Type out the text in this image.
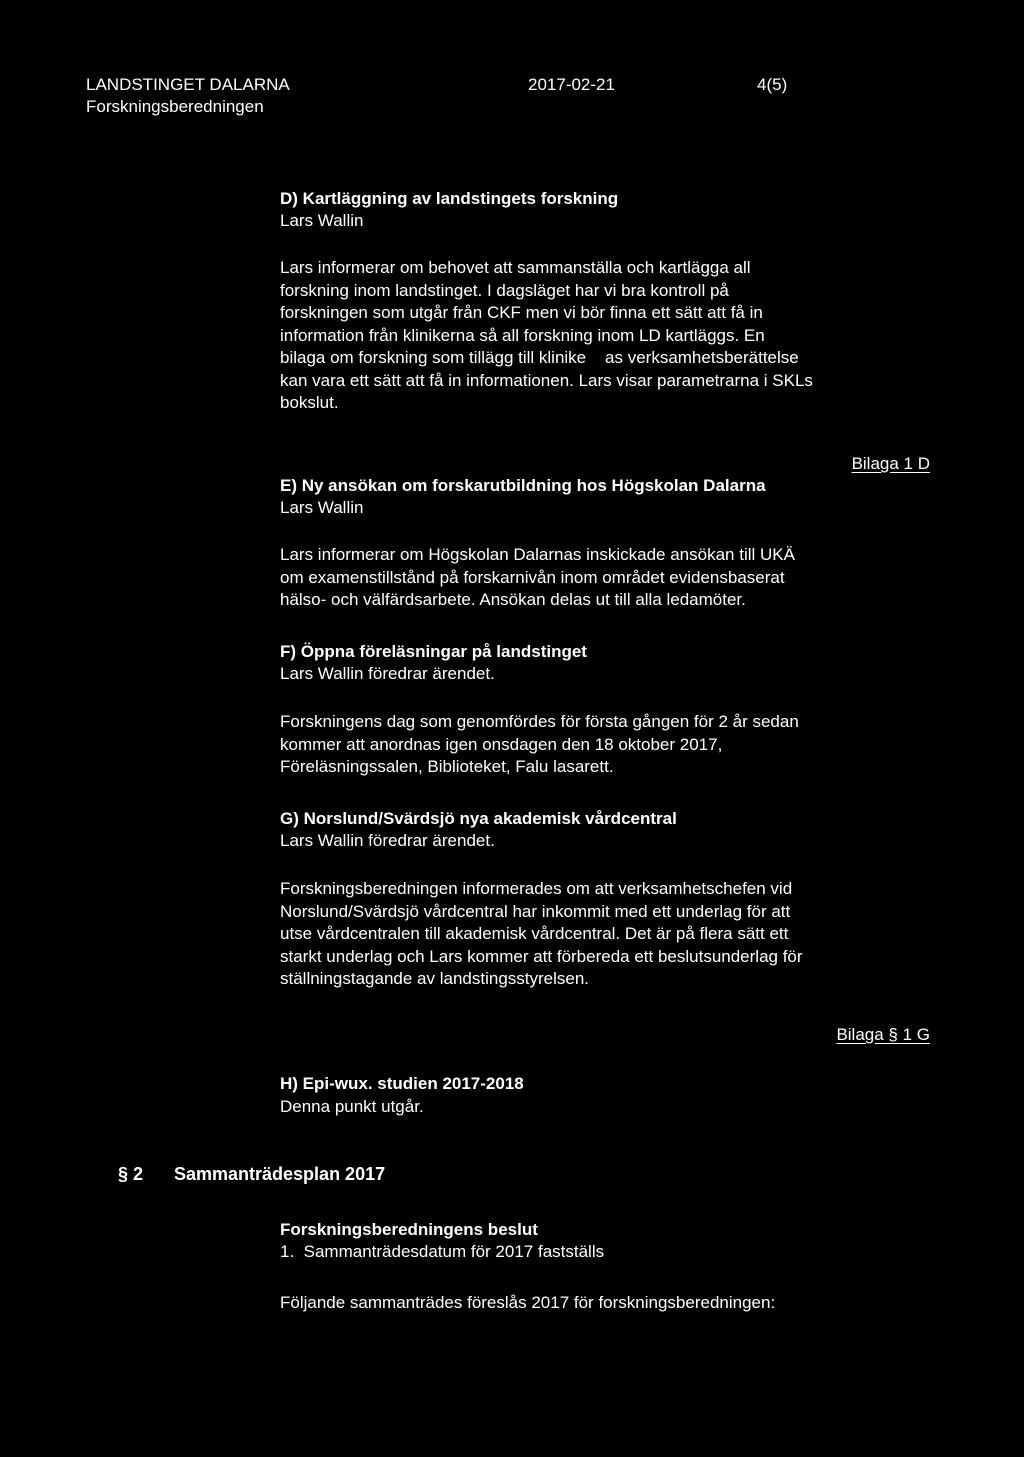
LANDSTINGET DALARNA
Forskningsberedningen
2017-02-21	4(5)
D) Kartläggning av landstingets forskning
Lars Wallin
Lars informerar om behovet att sammanställa och kartlägga all
forskning inom landstinget. I dagsläget har vi bra kontroll på
forskningen som utgår från CKF men vi bör finna ett sätt att få in
information från klinikerna så all forskning inom LD kartläggs. En
bilaga om forskning som tillägg till klinike    as verksamhetsberättelse
kan vara ett sätt att få in informationen. Lars visar parametrarna i SKLs
bokslut.
Bilaga 1 D
E) Ny ansökan om forskarutbildning hos Högskolan Dalarna
Lars Wallin
Lars informerar om Högskolan Dalarnas inskickade ansökan till UKÄ
om examenstillstånd på forskarnivån inom området evidensbaserat
hälso- och välfärdsarbete. Ansökan delas ut till alla ledamöter.
F) Öppna föreläsningar på landstinget
Lars Wallin föredrar ärendet.
Forskningens dag som genomfördes för första gången för 2 år sedan
kommer att anordnas igen onsdagen den 18 oktober 2017,
Föreläsningssalen, Biblioteket, Falu lasarett.
G) Norslund/Svärdsjö nya akademisk vårdcentral
Lars Wallin föredrar ärendet.
Forskningsberedningen informerades om att verksamhetschefen vid
Norslund/Svärdsjö vårdcentral har inkommit med ett underlag för att
utse vårdcentralen till akademisk vårdcentral. Det är på flera sätt ett
starkt underlag och Lars kommer att förbereda ett beslutsunderlag för
ställningstagande av landstingsstyrelsen.
Bilaga § 1 G
H) Epi-wux. studien 2017-2018
Denna punkt utgår.
§ 2 Sammanträdesplan 2017
Forskningsberedningens beslut
1.  Sammanträdesdatum för 2017 fastställs
Följande sammanträdes föreslås 2017 för forskningsberedningen:
